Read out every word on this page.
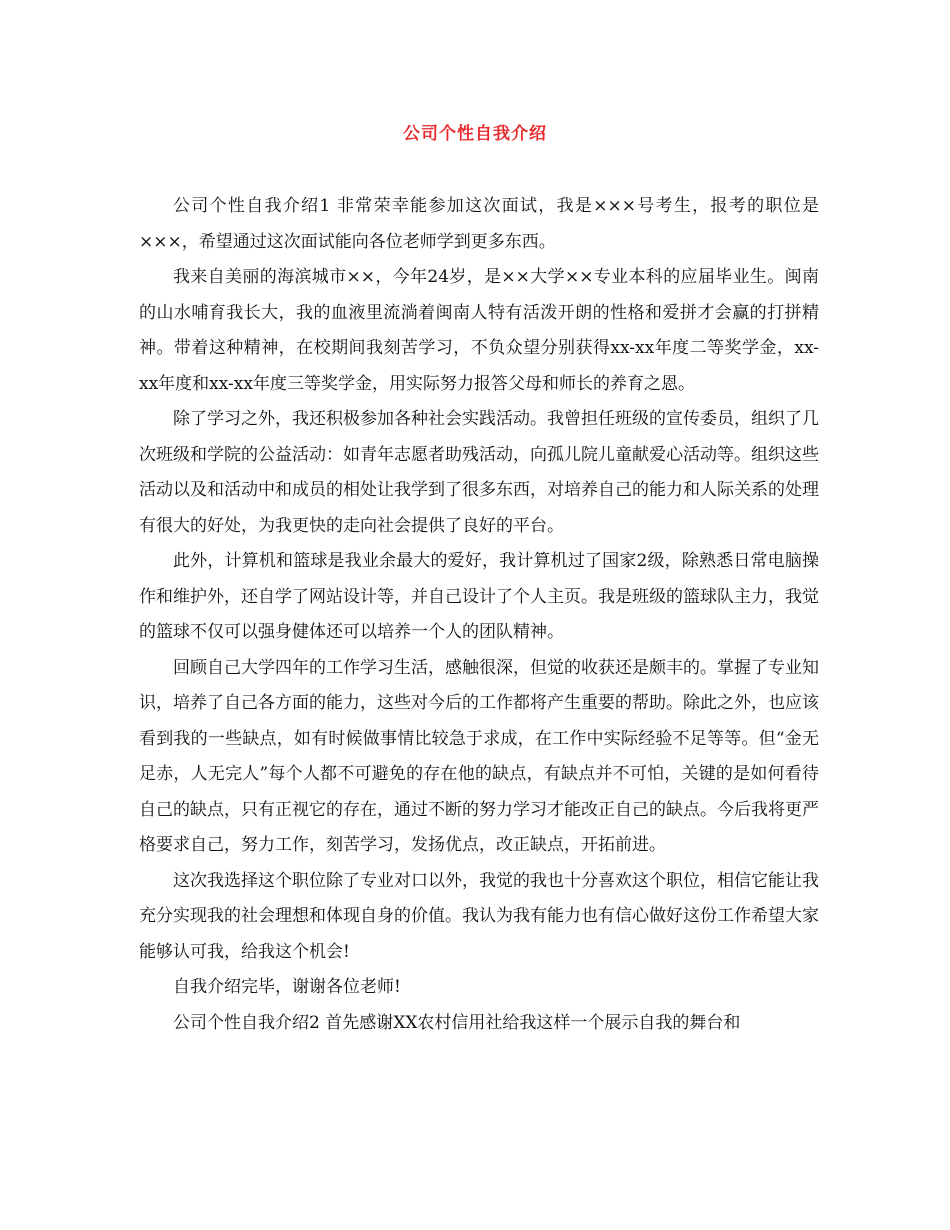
公司个性自我介绍

公司个性自我介绍1 非常荣幸能参加这次面试，我是×××号考生，报考的职位是×××，希望通过这次面试能向各位老师学到更多东西。

我来自美丽的海滨城市××，今年24岁，是××大学××专业本科的应届毕业生。闽南的山水哺育我长大，我的血液里流淌着闽南人特有活泼开朗的性格和爱拼才会赢的打拼精神。带着这种精神，在校期间我刻苦学习，不负众望分别获得xx-xx年度二等奖学金，xx-xx年度和xx-xx年度三等奖学金，用实际努力报答父母和师长的养育之恩。

除了学习之外，我还积极参加各种社会实践活动。我曾担任班级的宣传委员，组织了几次班级和学院的公益活动：如青年志愿者助残活动，向孤儿院儿童献爱心活动等。组织这些活动以及和活动中和成员的相处让我学到了很多东西，对培养自己的能力和人际关系的处理有很大的好处，为我更快的走向社会提供了良好的平台。

此外，计算机和篮球是我业余最大的爱好，我计算机过了国家2级，除熟悉日常电脑操作和维护外，还自学了网站设计等，并自己设计了个人主页。我是班级的篮球队主力，我觉的篮球不仅可以强身健体还可以培养一个人的团队精神。

回顾自己大学四年的工作学习生活，感触很深，但觉的收获还是颇丰的。掌握了专业知识，培养了自己各方面的能力，这些对今后的工作都将产生重要的帮助。除此之外，也应该看到我的一些缺点，如有时候做事情比较急于求成，在工作中实际经验不足等等。但“金无足赤，人无完人”每个人都不可避免的存在他的缺点，有缺点并不可怕，关键的是如何看待自己的缺点，只有正视它的存在，通过不断的努力学习才能改正自己的缺点。今后我将更严格要求自己，努力工作，刻苦学习，发扬优点，改正缺点，开拓前进。

这次我选择这个职位除了专业对口以外，我觉的我也十分喜欢这个职位，相信它能让我充分实现我的社会理想和体现自身的价值。我认为我有能力也有信心做好这份工作希望大家能够认可我，给我这个机会!

自我介绍完毕，谢谢各位老师!

公司个性自我介绍2 首先感谢XX农村信用社给我这样一个展示自我的舞台和
